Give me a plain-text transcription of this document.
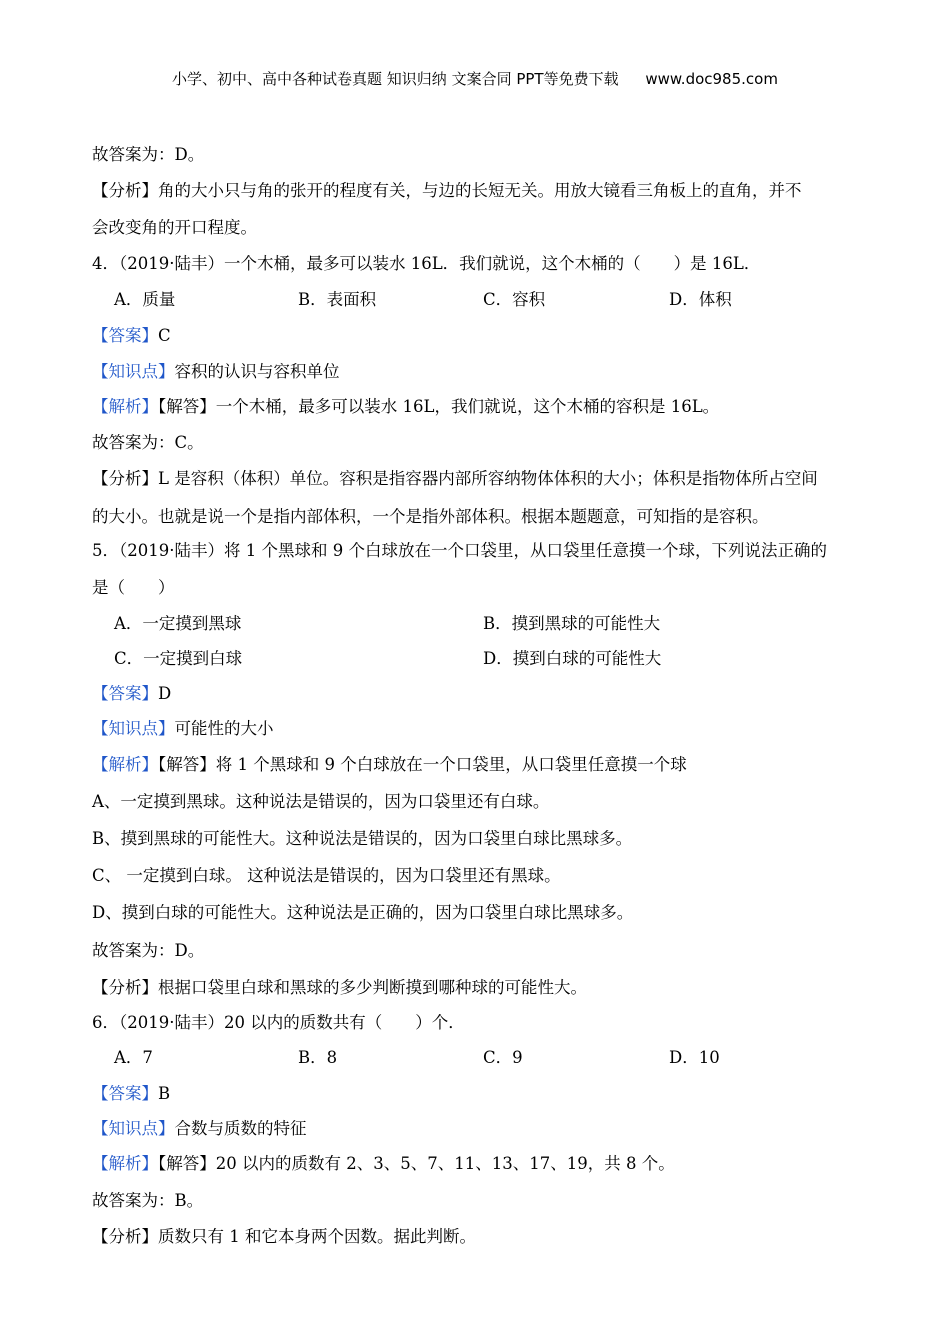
小学、初中、高中各种试卷真题 知识归纳 文案合同 PPT等免费下载 www.doc985.com
故答案为：D。
【分析】角的大小只与角的张开的程度有关，与边的长短无关。用放大镜看三角板上的直角，并不
会改变角的开口程度。
4．（2019·陆丰）一个木桶，最多可以装水 16L．我们就说，这个木桶的（　　）是 16L．
A．质量	B．表面积	C．容积	D．体积
【答案】C
【知识点】容积的认识与容积单位
【解析】【解答】一个木桶，最多可以装水 16L，我们就说，这个木桶的容积是 16L。
故答案为：C。
【分析】L 是容积（体积）单位。容积是指容器内部所容纳物体体积的大小；体积是指物体所占空间
的大小。也就是说一个是指内部体积，一个是指外部体积。根据本题题意，可知指的是容积。
5．（2019·陆丰）将 1 个黑球和 9 个白球放在一个口袋里，从口袋里任意摸一个球，下列说法正确的
是（　　）
A．一定摸到黑球	B．摸到黑球的可能性大
C．一定摸到白球	D．摸到白球的可能性大
【答案】D
【知识点】可能性的大小
【解析】【解答】将 1 个黑球和 9 个白球放在一个口袋里，从口袋里任意摸一个球
A、一定摸到黑球。这种说法是错误的，因为口袋里还有白球。
B、摸到黑球的可能性大。这种说法是错误的，因为口袋里白球比黑球多。
C、 一定摸到白球。 这种说法是错误的，因为口袋里还有黑球。
D、摸到白球的可能性大。这种说法是正确的，因为口袋里白球比黑球多。
故答案为：D。
【分析】根据口袋里白球和黑球的多少判断摸到哪种球的可能性大。
6．（2019·陆丰）20 以内的质数共有（　　）个．
A．7	B．8	C．9	D．10
【答案】B
【知识点】合数与质数的特征
【解析】【解答】20 以内的质数有 2、3、5、7、11、13、17、19，共 8 个。
故答案为：B。
【分析】质数只有 1 和它本身两个因数。据此判断。
